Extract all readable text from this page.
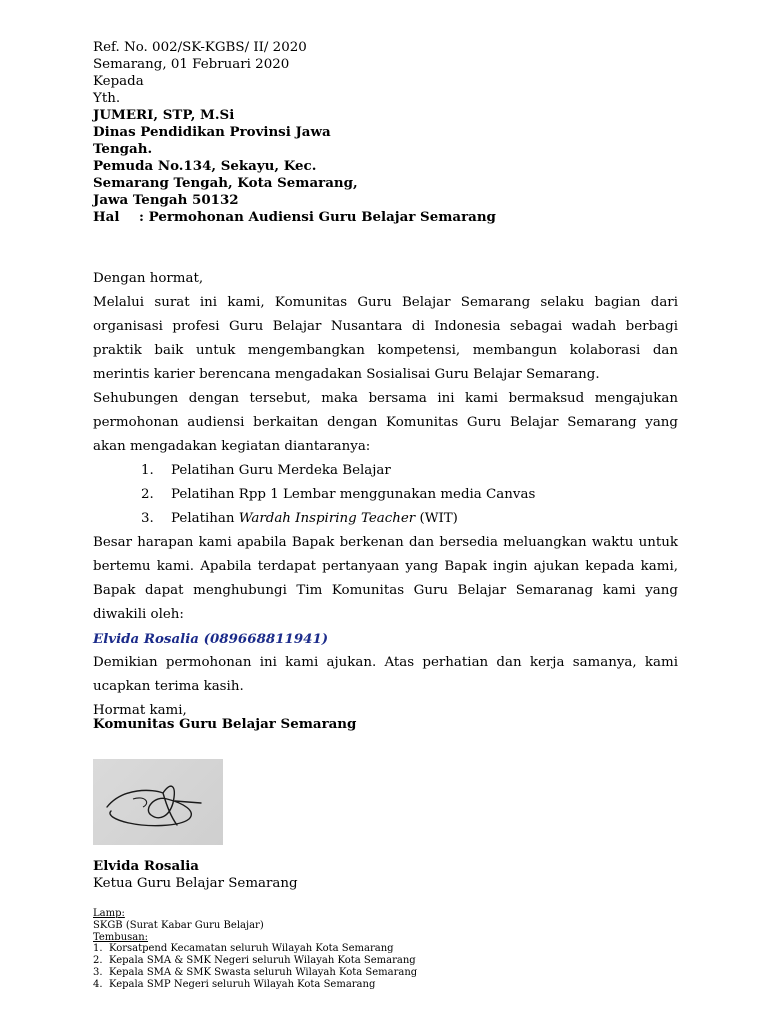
Ref. No. 002/SK-KGBS/ II/ 2020
Semarang, 01 Februari 2020
Kepada
Yth.
JUMERI, STP, M.Si
Dinas Pendidikan Provinsi Jawa
Tengah.
Pemuda No.134, Sekayu, Kec.
Semarang Tengah, Kota Semarang,
Jawa Tengah 50132
Hal	: Permohonan Audiensi Guru Belajar Semarang

Dengan hormat,

Melalui surat ini kami, Komunitas Guru Belajar Semarang selaku bagian dari organisasi profesi Guru Belajar Nusantara di Indonesia sebagai wadah berbagi praktik baik untuk mengembangkan kompetensi, membangun kolaborasi dan merintis karier berencana mengadakan Sosialisai Guru Belajar Semarang.

Sehubungen dengan tersebut, maka bersama ini kami bermaksud mengajukan permohonan audiensi berkaitan dengan Komunitas Guru Belajar Semarang yang akan mengadakan kegiatan diantaranya:

1.	Pelatihan Guru Merdeka Belajar
2.	Pelatihan Rpp 1 Lembar menggunakan media Canvas
3.	Pelatihan Wardah Inspiring Teacher (WIT)

Besar harapan kami apabila Bapak berkenan dan bersedia meluangkan waktu untuk bertemu kami. Apabila terdapat pertanyaan yang Bapak ingin ajukan kepada kami, Bapak dapat menghubungi Tim Komunitas Guru Belajar Semaranag kami yang diwakili oleh:

Elvida Rosalia (089668811941)

Demikian permohonan ini kami ajukan. Atas perhatian dan kerja samanya, kami ucapkan terima kasih.

Hormat kami,

Komunitas Guru Belajar Semarang
Elvida Rosalia
Ketua Guru Belajar Semarang
Lamp:
SKGB (Surat Kabar Guru Belajar)
Tembusan:
1. Korsatpend Kecamatan seluruh Wilayah Kota Semarang
2. Kepala SMA & SMK Negeri seluruh Wilayah Kota Semarang
3. Kepala SMA & SMK Swasta seluruh Wilayah Kota Semarang
4. Kepala SMP Negeri seluruh Wilayah Kota Semarang
